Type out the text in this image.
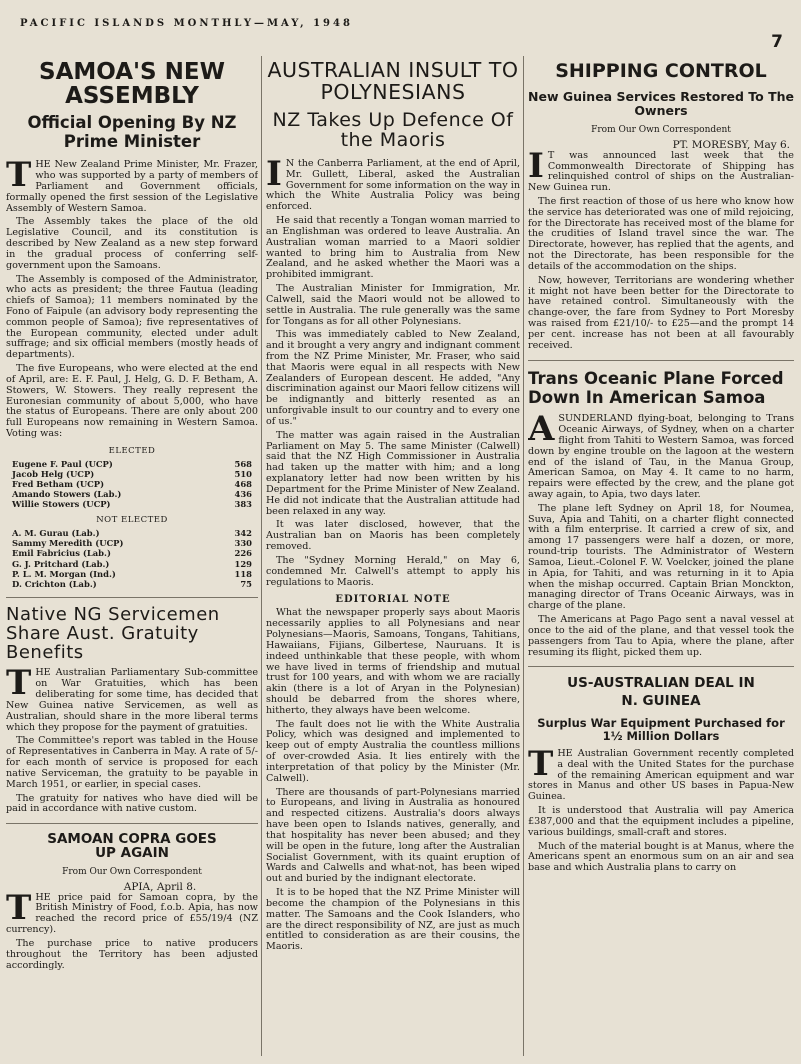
PACIFIC ISLANDS MONTHLY—MAY, 1948
7
SAMOA'S NEW ASSEMBLY
Official Opening By NZ Prime Minister

THE New Zealand Prime Minister, Mr. Frazer, who was supported by a party of members of Parliament and Government officials, formally opened the first session of the Legislative Assembly of Western Samoa.

The Assembly takes the place of the old Legislative Council, and its constitution is described by New Zealand as a new step forward in the gradual process of conferring self-government upon the Samoans.

The Assembly is composed of the Administrator, who acts as president; the three Fautua (leading chiefs of Samoa); 11 members nominated by the Fono of Faipule (an advisory body representing the common people of Samoa); five representatives of the European community, elected under adult suffrage; and six official members (mostly heads of departments).

The five Europeans, who were elected at the end of April, are: E. F. Paul, J. Helg, G. D. F. Betham, A. Stowers, W. Stowers. They really represent the Euronesian community of about 5,000, who have the status of Europeans. There are only about 200 full Europeans now remaining in Western Samoa. Voting was:

ELECTED
Eugene F. Paul (UCP)	568
Jacob Helg (UCP)	510
Fred Betham (UCP)	468
Amando Stowers (Lab.)	436
Willie Stowers (UCP)	383
NOT ELECTED
A. M. Gurau (Lab.)	342
Sammy Meredith (UCP)	330
Emil Fabricius (Lab.)	226
G. J. Pritchard (Lab.)	129
P. L. M. Morgan (Ind.)	118
D. Crichton (Lab.)	75
Native NG Servicemen Share Aust. Gratuity Benefits

THE Australian Parliamentary Sub-committee on War Gratuities, which has been deliberating for some time, has decided that New Guinea native Servicemen, as well as Australian, should share in the more liberal terms which they propose for the payment of gratuities.

The Committee's report was tabled in the House of Representatives in Canberra in May. A rate of 5/- for each month of service is proposed for each native Serviceman, the gratuity to be payable in March 1951, or earlier, in special cases.

The gratuity for natives who have died will be paid in accordance with native custom.

SAMOAN COPRA GOES UP AGAIN
From Our Own Correspondent
APIA, April 8.

THE price paid for Samoan copra, by the British Ministry of Food, f.o.b. Apia, has now reached the record price of £55/19/4 (NZ currency).

The purchase price to native producers throughout the Territory has been adjusted accordingly.

AUSTRALIAN INSULT TO POLYNESIANS
NZ Takes Up Defence Of the Maoris

IN the Canberra Parliament, at the end of April, Mr. Gullett, Liberal, asked the Australian Government for some information on the way in which the White Australia Policy was being enforced.

He said that recently a Tongan woman married to an Englishman was ordered to leave Australia. An Australian woman married to a Maori soldier wanted to bring him to Australia from New Zealand, and he asked whether the Maori was a prohibited immigrant.

The Australian Minister for Immigration, Mr. Calwell, said the Maori would not be allowed to settle in Australia. The rule generally was the same for Tongans as for all other Polynesians.

This was immediately cabled to New Zealand, and it brought a very angry and indignant comment from the NZ Prime Minister, Mr. Fraser, who said that Maoris were equal in all respects with New Zealanders of European descent. He added, "Any discrimination against our Maori fellow citizens will be indignantly and bitterly resented as an unforgivable insult to our country and to every one of us."

The matter was again raised in the Australian Parliament on May 5. The same Minister (Calwell) said that the NZ High Commissioner in Australia had taken up the matter with him; and a long explanatory letter had now been written by his Department for the Prime Minister of New Zealand. He did not indicate that the Australian attitude had been relaxed in any way.

It was later disclosed, however, that the Australian ban on Maoris has been completely removed.

The "Sydney Morning Herald," on May 6, condemned Mr. Calwell's attempt to apply his regulations to Maoris.

EDITORIAL NOTE

What the newspaper properly says about Maoris necessarily applies to all Polynesians and near Polynesians—Maoris, Samoans, Tongans, Tahitians, Hawaiians, Fijians, Gilbertese, Nauruans. It is indeed unthinkable that these people, with whom we have lived in terms of friendship and mutual trust for 100 years, and with whom we are racially akin (there is a lot of Aryan in the Polynesian) should be debarred from the shores where, hitherto, they always have been welcome.

The fault does not lie with the White Australia Policy, which was designed and implemented to keep out of empty Australia the countless millions of over-crowded Asia. It lies entirely with the interpretation of that policy by the Minister (Mr. Calwell).

There are thousands of part-Polynesians married to Europeans, and living in Australia as honoured and respected citizens. Australia's doors always have been open to Islands natives, generally, and that hospitality has never been abused; and they will be open in the future, long after the Australian Socialist Government, with its quaint eruption of Wards and Calwells and what-not, has been wiped out and buried by the indignant electorate.

It is to be hoped that the NZ Prime Minister will become the champion of the Polynesians in this matter. The Samoans and the Cook Islanders, who are the direct responsibility of NZ, are just as much entitled to consideration as are their cousins, the Maoris.

SHIPPING CONTROL
New Guinea Services Restored To The Owners
From Our Own Correspondent
PT. MORESBY, May 6.

IT was announced last week that the Commonwealth Directorate of Shipping has relinquished control of ships on the Australian-New Guinea run.

The first reaction of those of us here who know how the service has deteriorated was one of mild rejoicing, for the Directorate has received most of the blame for the crudities of Island travel since the war. The Directorate, however, has replied that the agents, and not the Directorate, has been responsible for the details of the accommodation on the ships.

Now, however, Territorians are wondering whether it might not have been better for the Directorate to have retained control. Simultaneously with the change-over, the fare from Sydney to Port Moresby was raised from £21/10/- to £25—and the prompt 14 per cent. increase has not been at all favourably received.

Trans Oceanic Plane Forced Down In American Samoa

ASUNDERLAND flying-boat, belonging to Trans Oceanic Airways, of Sydney, when on a charter flight from Tahiti to Western Samoa, was forced down by engine trouble on the lagoon at the western end of the island of Tau, in the Manua Group, American Samoa, on May 4. It came to no harm, repairs were effected by the crew, and the plane got away again, to Apia, two days later.

The plane left Sydney on April 18, for Noumea, Suva, Apia and Tahiti, on a charter flight connected with a film enterprise. It carried a crew of six, and among 17 passengers were half a dozen, or more, round-trip tourists. The Administrator of Western Samoa, Lieut.-Colonel F. W. Voelcker, joined the plane in Apia, for Tahiti, and was returning in it to Apia when the mishap occurred. Captain Brian Monckton, managing director of Trans Oceanic Airways, was in charge of the plane.

The Americans at Pago Pago sent a naval vessel at once to the aid of the plane, and that vessel took the passengers from Tau to Apia, where the plane, after resuming its flight, picked them up.

US-AUSTRALIAN DEAL IN N. GUINEA
Surplus War Equipment Purchased for 1½ Million Dollars

THE Australian Government recently completed a deal with the United States for the purchase of the remaining American equipment and war stores in Manus and other US bases in Papua-New Guinea.

It is understood that Australia will pay America £387,000 and that the equipment includes a pipeline, various buildings, small-craft and stores.

Much of the material bought is at Manus, where the Americans spent an enormous sum on an air and sea base and which Australia plans to carry on
